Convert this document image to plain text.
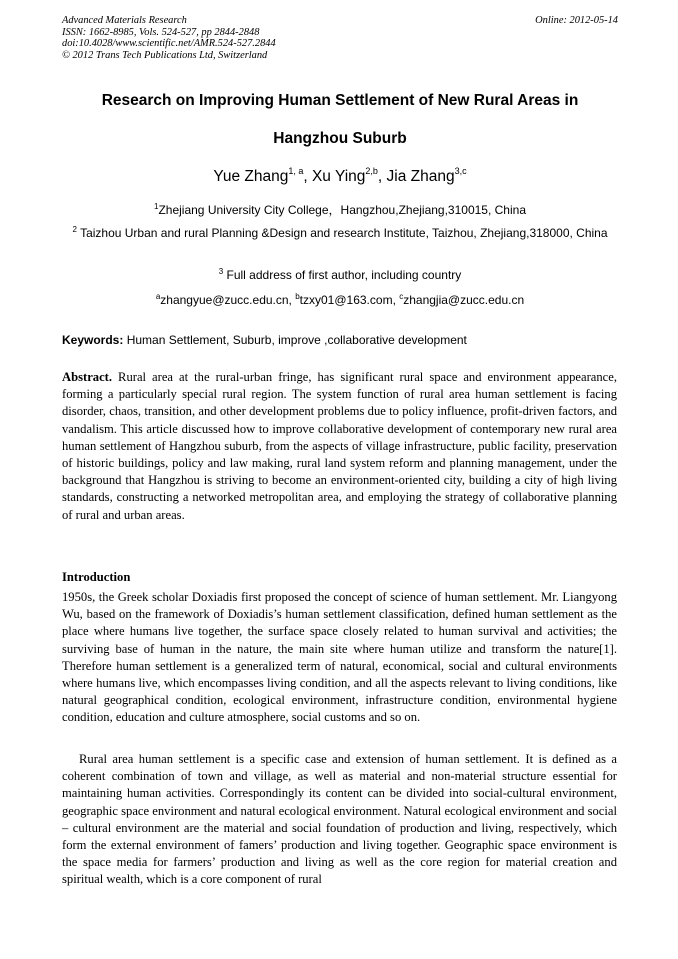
Advanced Materials Research
ISSN: 1662-8985, Vols. 524-527, pp 2844-2848
doi:10.4028/www.scientific.net/AMR.524-527.2844
© 2012 Trans Tech Publications Ltd, Switzerland
Online: 2012-05-14
Research on Improving Human Settlement of New Rural Areas in
Hangzhou Suburb
Yue Zhang$^{1, a}$, Xu Ying$^{2,b}$, Jia Zhang$^{3,c}$
$^1$Zhejiang University City College，Hangzhou,Zhejiang,310015, China
$^2$ Taizhou Urban and rural Planning &Design and research Institute, Taizhou, Zhejiang,318000, China
$^3$ Full address of first author, including country
$^a$zhangyue@zucc.edu.cn, $^b$tzxy01@163.com, $^c$zhangjia@zucc.edu.cn
Keywords: Human Settlement, Suburb, improve ,collaborative development

Abstract. Rural area at the rural-urban fringe, has significant rural space and environment appearance, forming a particularly special rural region. The system function of rural area human settlement is facing disorder, chaos, transition, and other development problems due to policy influence, profit-driven factors, and vandalism. This article discussed how to improve collaborative development of contemporary new rural area human settlement of Hangzhou suburb, from the aspects of village infrastructure, public facility, preservation of historic buildings, policy and law making, rural land system reform and planning management, under the background that Hangzhou is striving to become an environment-oriented city, building a city of high living standards, constructing a networked metropolitan area, and employing the strategy of collaborative planning of rural and urban areas.

Introduction

1950s, the Greek scholar Doxiadis first proposed the concept of science of human settlement. Mr. Liangyong Wu, based on the framework of Doxiadis’s human settlement classification, defined human settlement as the place where humans live together, the surface space closely related to human survival and activities; the surviving base of human in the nature, the main site where human utilize and transform the nature[1]. Therefore human settlement is a generalized term of natural, economical, social and cultural environments where humans live, which encompasses living condition, and all the aspects relevant to living conditions, like natural geographical condition, ecological environment, infrastructure condition, environmental hygiene condition, education and culture atmosphere, social customs and so on.

Rural area human settlement is a specific case and extension of human settlement. It is defined as a coherent combination of town and village, as well as material and non-material structure essential for maintaining human activities. Correspondingly its content can be divided into social-cultural environment, geographic space environment and natural ecological environment. Natural ecological environment and social – cultural environment are the material and social foundation of production and living, respectively, which form the external environment of famers’ production and living together. Geographic space environment is the space media for farmers’ production and living as well as the core region for material creation and spiritual wealth, which is a core component of rural
